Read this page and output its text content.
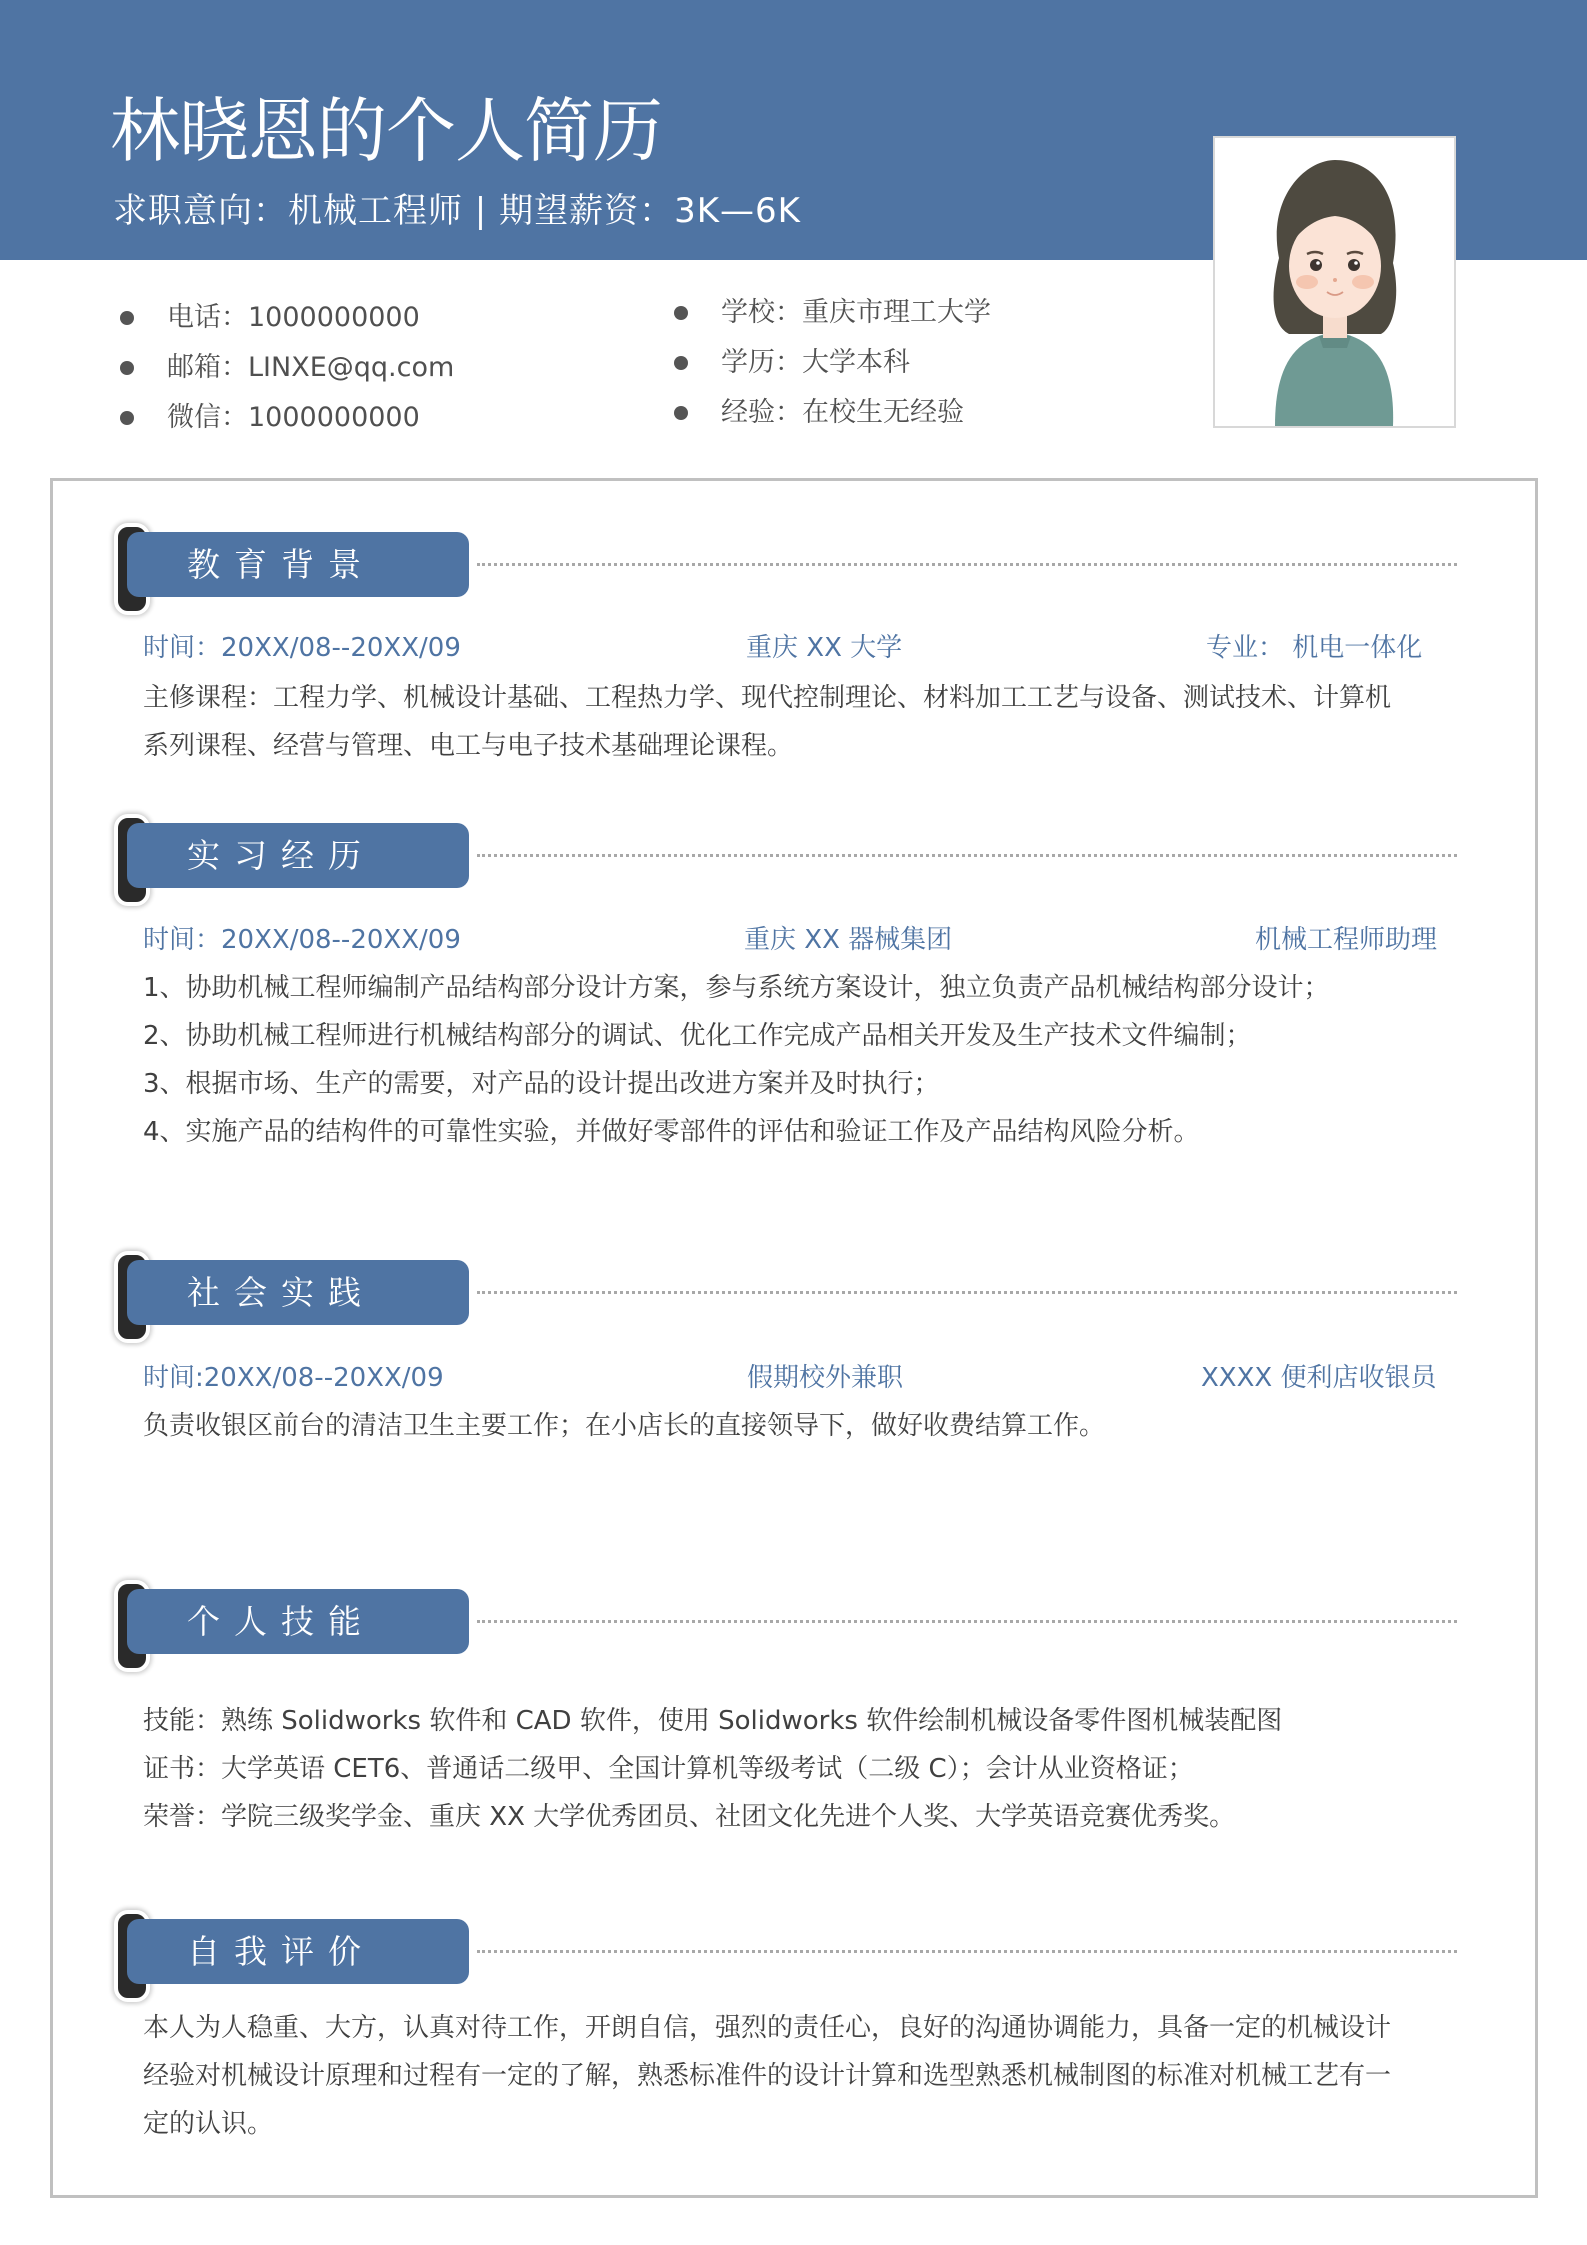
林晓恩的个人简历
求职意向：机械工程师 | 期望薪资：3K—6K
电话：1000000000
邮箱：LINXE@qq.com
微信：1000000000
学校：重庆市理工大学
学历：大学本科
经验：在校生无经验
教育背景
时间：20XX/08--20XX/09	重庆 XX 大学	专业： 机电一体化

主修课程：工程力学、机械设计基础、工程热力学、现代控制理论、材料加工工艺与设备、测试技术、计算机

系列课程、经营与管理、电工与电子技术基础理论课程。

实习经历
时间：20XX/08--20XX/09	重庆 XX 器械集团	机械工程师助理

1、协助机械工程师编制产品结构部分设计方案，参与系统方案设计，独立负责产品机械结构部分设计；

2、协助机械工程师进行机械结构部分的调试、优化工作完成产品相关开发及生产技术文件编制；

3、根据市场、生产的需要，对产品的设计提出改进方案并及时执行；

4、实施产品的结构件的可靠性实验，并做好零部件的评估和验证工作及产品结构风险分析。

社会实践
时间:20XX/08--20XX/09	假期校外兼职	XXXX 便利店收银员

负责收银区前台的清洁卫生主要工作；在小店长的直接领导下，做好收费结算工作。

个人技能

技能：熟练 Solidworks 软件和 CAD 软件，使用 Solidworks 软件绘制机械设备零件图机械装配图

证书：大学英语 CET6、普通话二级甲、全国计算机等级考试（二级 C）；会计从业资格证；

荣誉：学院三级奖学金、重庆 XX 大学优秀团员、社团文化先进个人奖、大学英语竞赛优秀奖。

自我评价

本人为人稳重、大方，认真对待工作，开朗自信，强烈的责任心，良好的沟通协调能力，具备一定的机械设计

经验对机械设计原理和过程有一定的了解，熟悉标准件的设计计算和选型熟悉机械制图的标准对机械工艺有一

定的认识。
